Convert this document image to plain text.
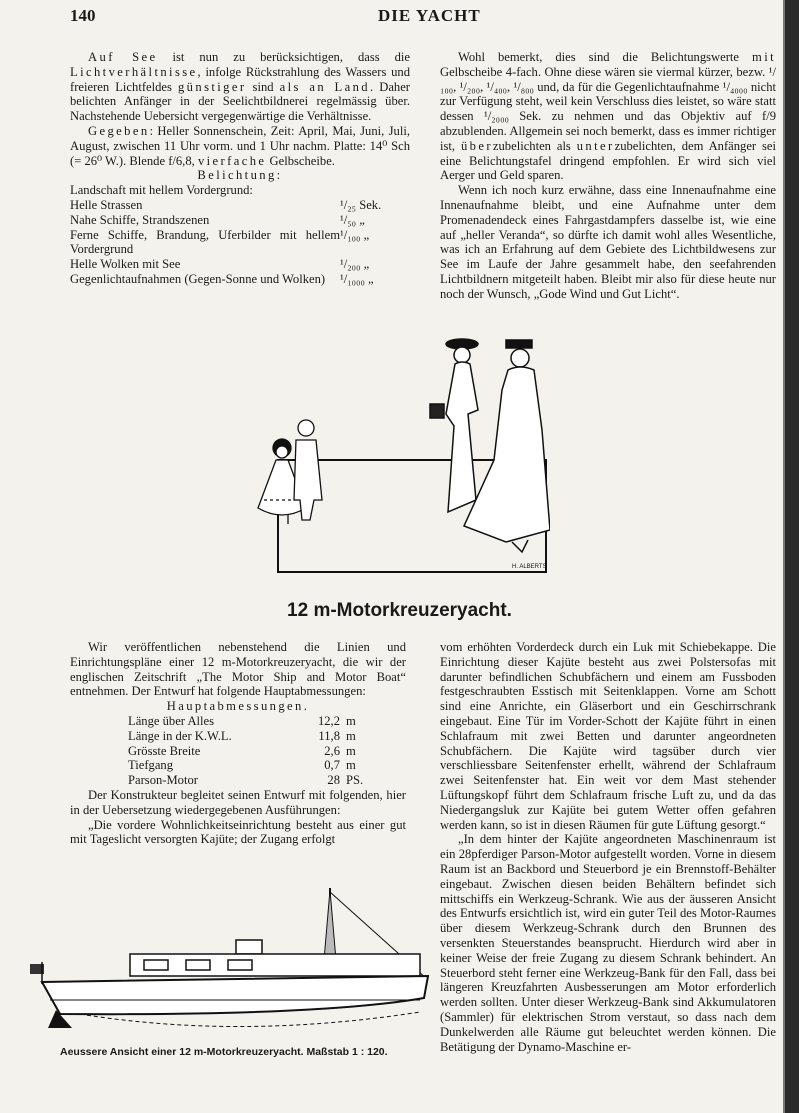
140	DIE YACHT

Auf See ist nun zu berücksichtigen, dass die Lichtverhältnisse, infolge Rückstrahlung des Wassers und freieren Lichtfeldes günstiger sind als an Land. Daher belichten Anfänger in der Seelichtbildnerei regelmässig über. Nachstehende Uebersicht vergegenwärtige die Verhältnisse.

Gegeben: Heller Sonnenschein, Zeit: April, Mai, Juni, Juli, August, zwischen 11 Uhr vorm. und 1 Uhr nachm. Platte: 14⁰ Sch (= 26⁰ W.). Blende f/6,8, vierfache Gelbscheibe.

Belichtung:

Landschaft mit hellem Vordergrund:	
Helle Strassen	¹/₂₅ Sek.
Nahe Schiffe, Strandszenen	¹/₅₀ „
Ferne Schiffe, Brandung, Uferbilder mit hellem Vordergrund	¹/₁₀₀ „
Helle Wolken mit See	¹/₂₀₀ „
Gegenlichtaufnahmen (Gegen-Sonne und Wolken)	¹/₁₀₀₀ „

Wohl bemerkt, dies sind die Belichtungswerte mit Gelbscheibe 4-fach. Ohne diese wären sie viermal kürzer, bezw. ¹/₁₀₀, ¹/₂₀₀, ¹/₄₀₀, ¹/₈₀₀ und, da für die Gegenlichtaufnahme ¹/₄₀₀₀ nicht zur Verfügung steht, weil kein Verschluss dies leistet, so wäre statt dessen ¹/₂₀₀₀ Sek. zu nehmen und das Objektiv auf f/9 abzublenden. Allgemein sei noch bemerkt, dass es immer richtiger ist, überzubelichten als unterzubelichten, dem Anfänger sei eine Belichtungstafel dringend empfohlen. Er wird sich viel Aerger und Geld sparen.

Wenn ich noch kurz erwähne, dass eine Innenaufnahme eine Innenaufnahme bleibt, und eine Aufnahme unter dem Promenadendeck eines Fahrgastdampfers dasselbe ist, wie eine auf „heller Veranda“, so dürfte ich damit wohl alles Wesentliche, was ich an Erfahrung auf dem Gebiete des Lichtbildwesens zur See im Laufe der Jahre gesammelt habe, den seefahrenden Lichtbildnern mitgeteilt haben. Bleibt mir also für diese heute nur noch der Wunsch, „Gode Wind und Gut Licht“.

H. ALBERTS
12 m-Motorkreuzeryacht.

Wir veröffentlichen nebenstehend die Linien und Einrichtungspläne einer 12 m-Motorkreuzeryacht, die wir der englischen Zeitschrift „The Motor Ship and Motor Boat“ entnehmen. Der Entwurf hat folgende Hauptabmessungen:

Hauptabmessungen.

Länge über Alles	12,2	m
Länge in der K.W.L.	11,8	m
Grösste Breite	2,6	m
Tiefgang	0,7	m
Parson-Motor	28	PS.

Der Konstrukteur begleitet seinen Entwurf mit folgenden, hier in der Uebersetzung wiedergegebenen Ausführungen:

„Die vordere Wohnlichkeitseinrichtung besteht aus einer gut mit Tageslicht versorgten Kajüte; der Zugang erfolgt

Aeussere Ansicht einer 12 m-Motorkreuzeryacht. Maßstab 1 : 120.

vom erhöhten Vorderdeck durch ein Luk mit Schiebekappe. Die Einrichtung dieser Kajüte besteht aus zwei Polstersofas mit darunter befindlichen Schubfächern und einem am Fussboden festgeschraubten Esstisch mit Seitenklappen. Vorne am Schott sind eine Anrichte, ein Gläserbort und ein Geschirrschrank eingebaut. Eine Tür im Vorder-Schott der Kajüte führt in einen Schlafraum mit zwei Betten und darunter angeordneten Schubfächern. Die Kajüte wird tagsüber durch vier verschliessbare Seitenfenster erhellt, während der Schlafraum zwei Seitenfenster hat. Ein weit vor dem Mast stehender Lüftungskopf führt dem Schlafraum frische Luft zu, und da das Niedergangsluk zur Kajüte bei gutem Wetter offen gefahren werden kann, so ist in diesen Räumen für gute Lüftung gesorgt.“

„In dem hinter der Kajüte angeordneten Maschinenraum ist ein 28pferdiger Parson-Motor aufgestellt worden. Vorne in diesem Raum ist an Backbord und Steuerbord je ein Brennstoff-Behälter eingebaut. Zwischen diesen beiden Behältern befindet sich mittschiffs ein Werkzeug-Schrank. Wie aus der äusseren Ansicht des Entwurfs ersichtlich ist, wird ein guter Teil des Motor-Raumes über diesem Werkzeug-Schrank durch den Brunnen des versenkten Steuerstandes beansprucht. Hierdurch wird aber in keiner Weise der freie Zugang zu diesem Schrank behindert. An Steuerbord steht ferner eine Werkzeug-Bank für den Fall, dass bei längeren Kreuzfahrten Ausbesserungen am Motor erforderlich werden sollten. Unter dieser Werkzeug-Bank sind Akkumulatoren (Sammler) für elektrischen Strom verstaut, so dass nach dem Dunkelwerden alle Räume gut beleuchtet werden können. Die Betätigung der Dynamo-Maschine er-
